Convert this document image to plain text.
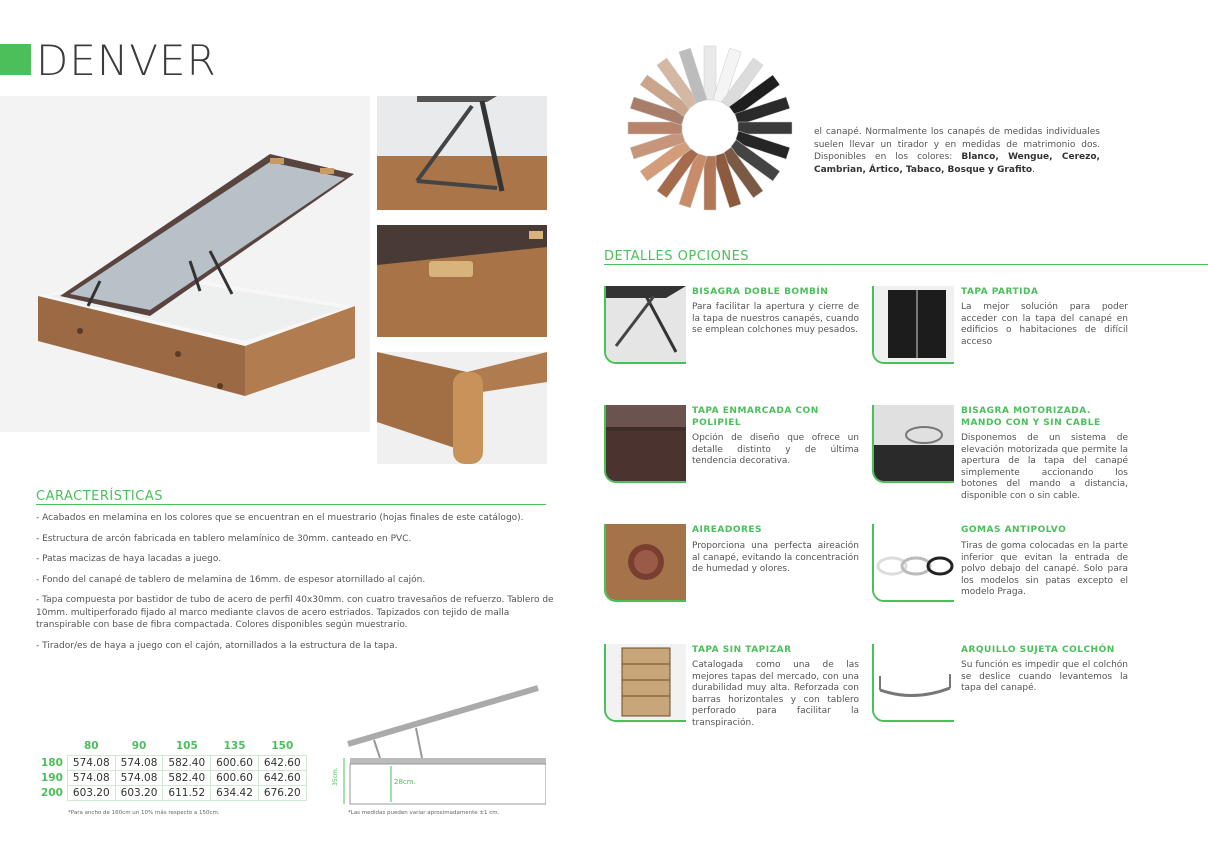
DENVER
CARACTERÍSTICAS

- Acabados en melamina en los colores que se encuentran en el muestrario (hojas finales de este catálogo).

- Estructura de arcón fabricada en tablero melamínico de 30mm. canteado en PVC.

- Patas macizas de haya lacadas a juego.

- Fondo del canapé de tablero de melamina de 16mm. de espesor atornillado al cajón.

- Tapa compuesta por bastidor de tubo de acero de perfil 40x30mm. con cuatro travesaños de refuerzo. Tablero de 10mm. multiperforado fijado al marco mediante clavos de acero estriados. Tapizados con tejido de malla transpirable con base de fibra compactada. Colores disponibles según muestrario.

- Tirador/es de haya a juego con el cajón, atornillados a la estructura de la tapa.

	80	90	105	135	150
180	574.08	574.08	582.40	600.60	642.60
190	574.08	574.08	582.40	600.60	642.60
200	603.20	603.20	611.52	634.42	676.20
*Para ancho de 160cm un 10% más respecto a 150cm.
35cm.	28cm.
*Las medidas pueden variar aproximadamente ±1 cm.
el canapé. Normalmente los canapés de medidas individuales suelen llevar un tirador y en medidas de matrimonio dos. Disponibles en los colores: Blanco, Wengue, Cerezo, Cambrian, Ártico, Tabaco, Bosque y Grafito.
DETALLES OPCIONES
BISAGRA DOBLE BOMBÍN
Para facilitar la apertura y cierre de la tapa de nuestros canapés, cuando se emplean colchones muy pesados.
TAPA PARTIDA
La mejor solución para poder acceder con la tapa del canapé en edificios o habitaciones de difícil acceso
TAPA ENMARCADA CON POLIPIEL
Opción de diseño que ofrece un detalle distinto y de última tendencia decorativa.
BISAGRA MOTORIZADA. MANDO CON Y SIN CABLE
Disponemos de un sistema de elevación motorizada que permite la apertura de la tapa del canapé simplemente accionando los botones del mando a distancia, disponible con o sin cable.
AIREADORES
Proporciona una perfecta aireación al canapé, evitando la concentración de humedad y olores.
GOMAS ANTIPOLVO
Tiras de goma colocadas en la parte inferior que evitan la entrada de polvo debajo del canapé. Solo para los modelos sin patas excepto el modelo Praga.
TAPA SIN TAPIZAR
Catalogada como una de las mejores tapas del mercado, con una durabilidad muy alta. Reforzada con barras horizontales y con tablero perforado para facilitar la transpiración.
ARQUILLO SUJETA COLCHÓN
Su función es impedir que el colchón se deslice cuando levantemos la tapa del canapé.
